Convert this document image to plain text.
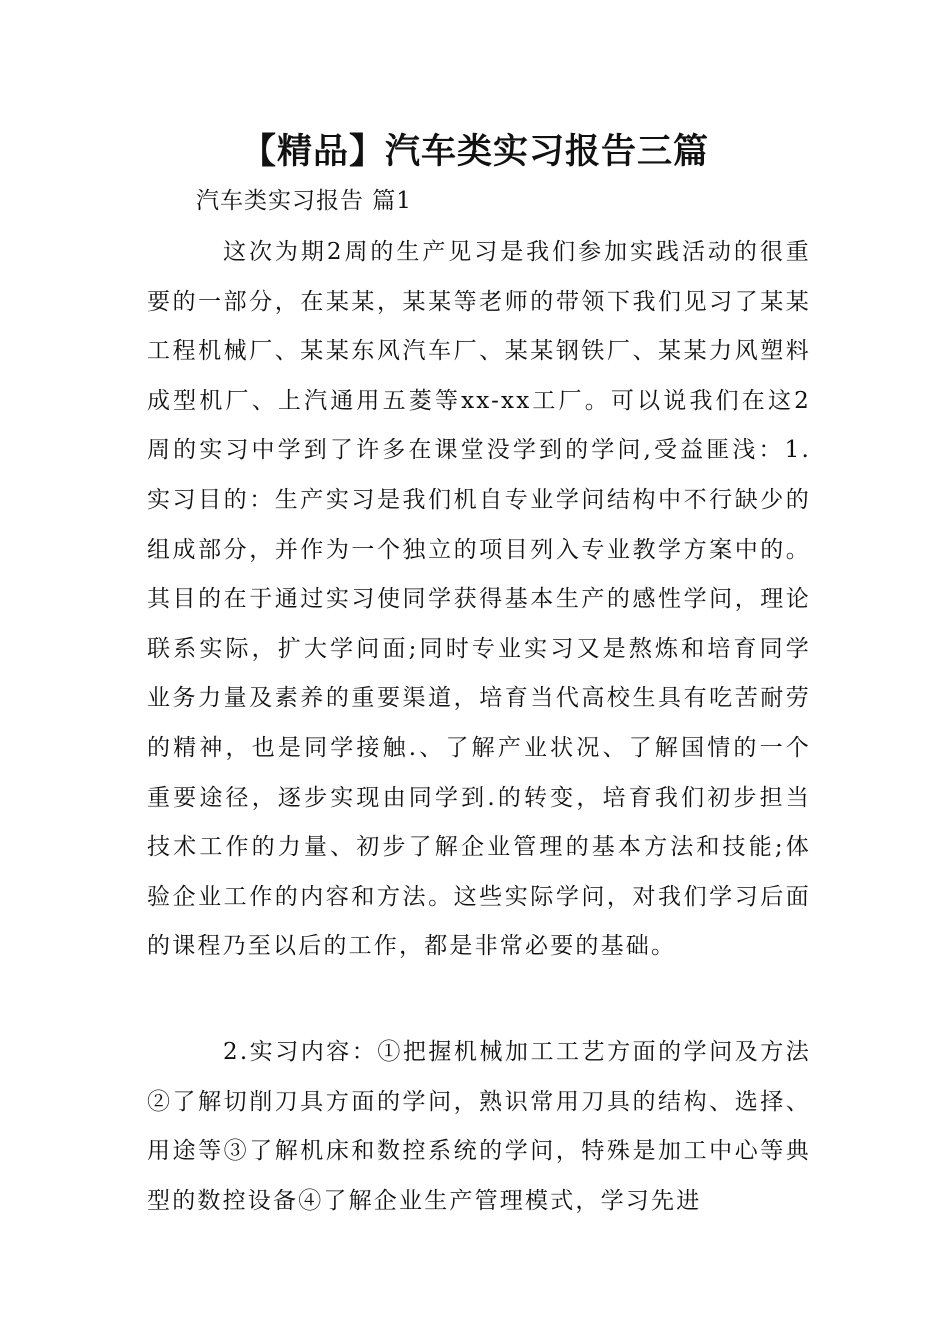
【精品】汽车类实习报告三篇
汽车类实习报告 篇1

这次为期2周的生产见习是我们参加实践活动的很重要的一部分，在某某，某某等老师的带领下我们见习了某某工程机械厂、某某东风汽车厂、某某钢铁厂、某某力风塑料成型机厂、上汽通用五菱等xx-xx工厂。可以说我们在这2周的实习中学到了许多在课堂没学到的学问,受益匪浅：1.实习目的：生产实习是我们机自专业学问结构中不行缺少的组成部分，并作为一个独立的项目列入专业教学方案中的。其目的在于通过实习使同学获得基本生产的感性学问，理论联系实际，扩大学问面;同时专业实习又是熬炼和培育同学业务力量及素养的重要渠道，培育当代高校生具有吃苦耐劳的精神，也是同学接触.、了解产业状况、了解国情的一个重要途径，逐步实现由同学到.的转变，培育我们初步担当技术工作的力量、初步了解企业管理的基本方法和技能;体验企业工作的内容和方法。这些实际学问，对我们学习后面的课程乃至以后的工作，都是非常必要的基础。

2.实习内容：①把握机械加工工艺方面的学问及方法②了解切削刀具方面的学问，熟识常用刀具的结构、选择、用途等③了解机床和数控系统的学问，特殊是加工中心等典型的数控设备④了解企业生产管理模式，学习先进
